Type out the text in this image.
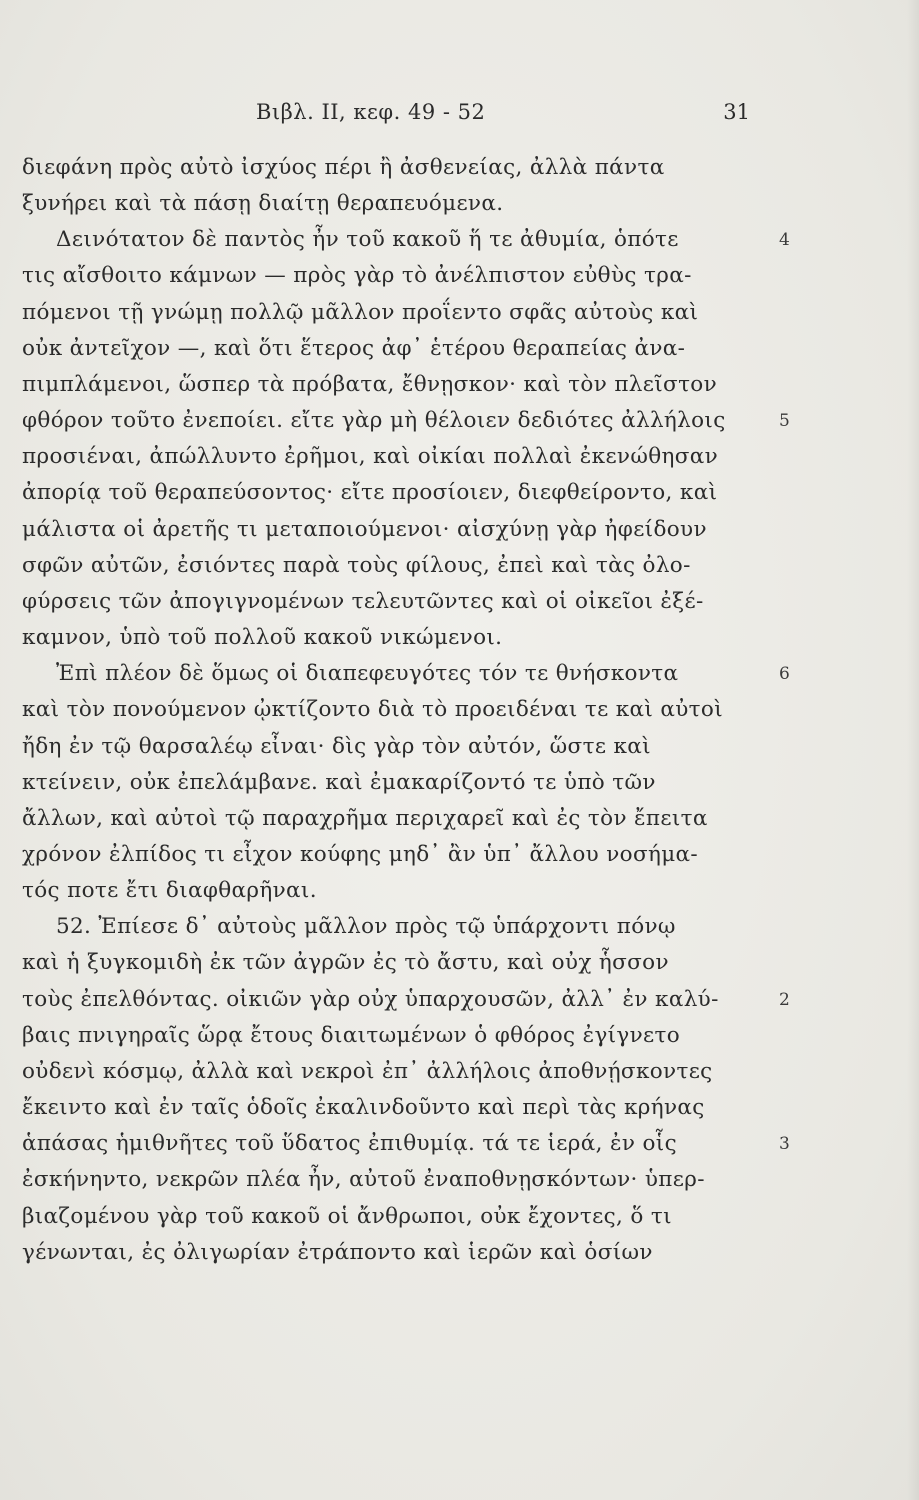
Βιβλ. II, κεφ. 49 - 52	31
διεφάνη πρὸς αὐτὸ ἰσχύος πέρι ἢ ἀσθενείας, ἀλλὰ πάντα
ξυνήρει καὶ τὰ πάσῃ διαίτῃ θεραπευόμενα.
Δεινότατον δὲ παντὸς ἦν τοῦ κακοῦ ἥ τε ἀθυμία, ὁπότε	4
τις αἴσθοιτο κάμνων — πρὸς γὰρ τὸ ἀνέλπιστον εὐθὺς τρα-
πόμενοι τῇ γνώμῃ πολλῷ μᾶλλον προΐεντο σφᾶς αὐτοὺς καὶ
οὐκ ἀντεῖχον —, καὶ ὅτι ἕτερος ἀφ᾽ ἑτέρου θεραπείας ἀνα-
πιμπλάμενοι, ὥσπερ τὰ πρόβατα, ἔθνῃσκον· καὶ τὸν πλεῖστον
φθόρον τοῦτο ἐνεποίει. εἴτε γὰρ μὴ θέλοιεν δεδιότες ἀλλήλοις	5
προσιέναι, ἀπώλλυντο ἐρῆμοι, καὶ οἰκίαι πολλαὶ ἐκενώθησαν
ἀπορίᾳ τοῦ θεραπεύσοντος· εἴτε προσίοιεν, διεφθείροντο, καὶ
μάλιστα οἱ ἀρετῆς τι μεταποιούμενοι· αἰσχύνῃ γὰρ ἠφείδουν
σφῶν αὐτῶν, ἐσιόντες παρὰ τοὺς φίλους, ἐπεὶ καὶ τὰς ὀλο-
φύρσεις τῶν ἀπογιγνομένων τελευτῶντες καὶ οἱ οἰκεῖοι ἐξέ-
καμνον, ὑπὸ τοῦ πολλοῦ κακοῦ νικώμενοι.
Ἐπὶ πλέον δὲ ὅμως οἱ διαπεφευγότες τόν τε θνήσκοντα	6
καὶ τὸν πονούμενον ᾠκτίζοντο διὰ τὸ προειδέναι τε καὶ αὐτοὶ
ἤδη ἐν τῷ θαρσαλέῳ εἶναι· δὶς γὰρ τὸν αὐτόν, ὥστε καὶ
κτείνειν, οὐκ ἐπελάμβανε. καὶ ἐμακαρίζοντό τε ὑπὸ τῶν
ἄλλων, καὶ αὐτοὶ τῷ παραχρῆμα περιχαρεῖ καὶ ἐς τὸν ἔπειτα
χρόνον ἐλπίδος τι εἶχον κούφης μηδ᾽ ἂν ὑπ᾽ ἄλλου νοσήμα-
τός ποτε ἔτι διαφθαρῆναι.
52. Ἐπίεσε δ᾽ αὐτοὺς μᾶλλον πρὸς τῷ ὑπάρχοντι πόνῳ
καὶ ἡ ξυγκομιδὴ ἐκ τῶν ἀγρῶν ἐς τὸ ἄστυ, καὶ οὐχ ἧσσον
τοὺς ἐπελθόντας. οἰκιῶν γὰρ οὐχ ὑπαρχουσῶν, ἀλλ᾽ ἐν καλύ-	2
βαις πνιγηραῖς ὥρᾳ ἔτους διαιτωμένων ὁ φθόρος ἐγίγνετο
οὐδενὶ κόσμῳ, ἀλλὰ καὶ νεκροὶ ἐπ᾽ ἀλλήλοις ἀποθνῄσκοντες
ἔκειντο καὶ ἐν ταῖς ὁδοῖς ἐκαλινδοῦντο καὶ περὶ τὰς κρήνας
ἁπάσας ἡμιθνῆτες τοῦ ὕδατος ἐπιθυμίᾳ. τά τε ἱερά, ἐν οἷς	3
ἐσκήνηντο, νεκρῶν πλέα ἦν, αὐτοῦ ἐναποθνῃσκόντων· ὑπερ-
βιαζομένου γὰρ τοῦ κακοῦ οἱ ἄνθρωποι, οὐκ ἔχοντες, ὅ τι
γένωνται, ἐς ὀλιγωρίαν ἐτράποντο καὶ ἱερῶν καὶ ὁσίων
